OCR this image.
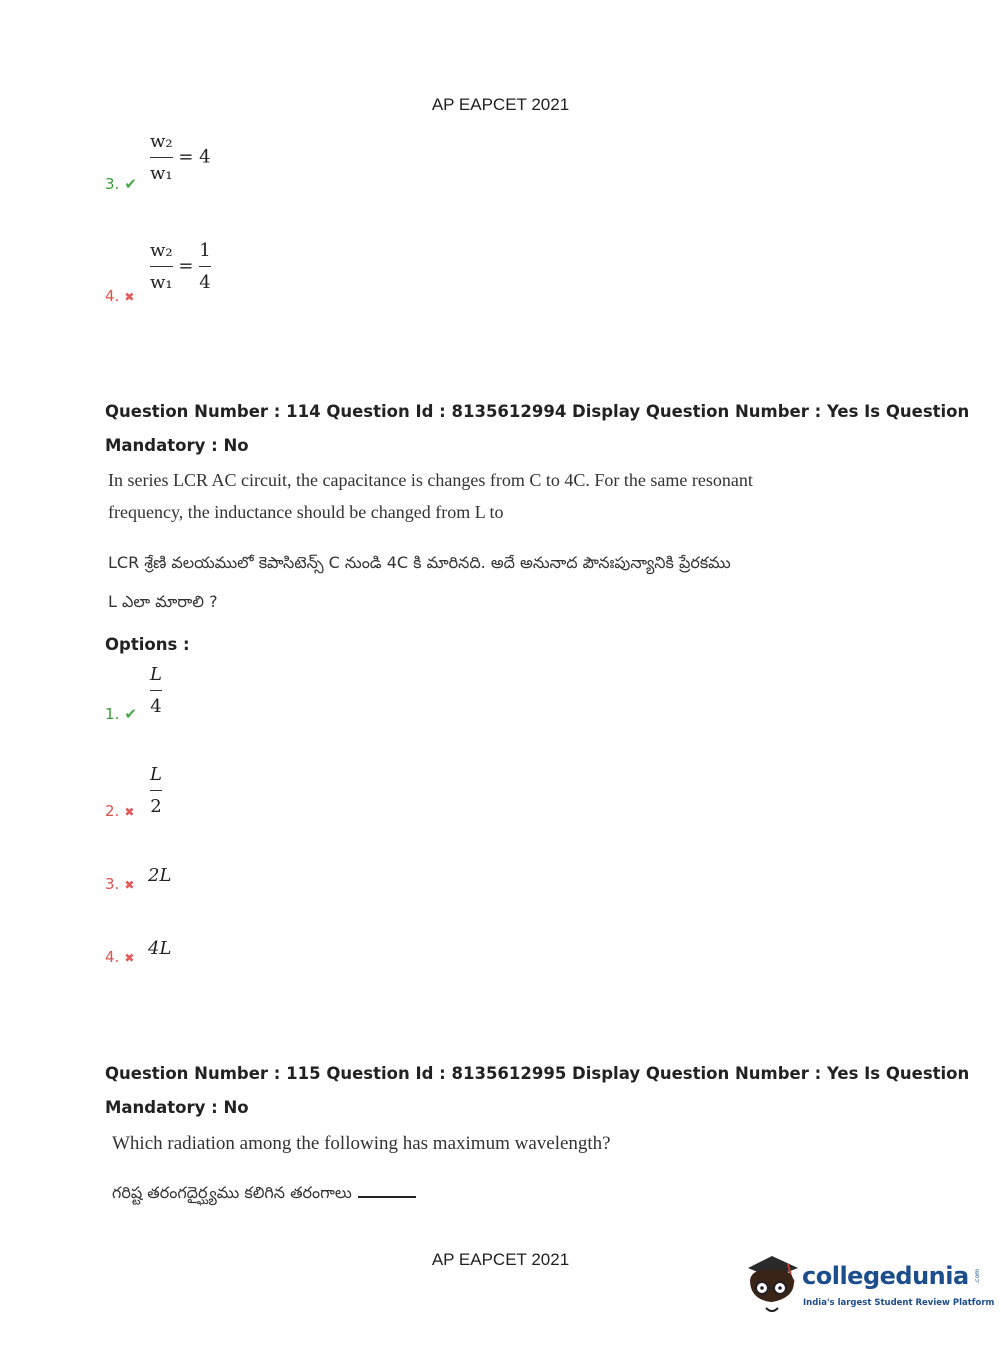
AP EAPCET 2021
3. ✔ $\frac{\text{w₂}}{\text{w₁}} = 4$
4. ✖
$\frac{\text{w₂}}{\text{w₁}} = \frac{1}{4}$
Question Number : 114 Question Id : 8135612994 Display Question Number : Yes Is Question
Mandatory : No
In series LCR AC circuit, the capacitance is changes from C to 4C. For the same resonant
frequency, the inductance should be changed from L to
LCR శ్రేణి వలయములో కెపాసిటెన్స్ C నుండి 4C కి మారినది. అదే అనునాద పౌనఃపున్యానికి ప్రేరకము
L ఎలా మారాలి ?
Options :
1. ✔ $\frac{L}{4}$
2. ✖ $\frac{L}{2}$
3. ✖ 2L
4. ✖ 4L
Question Number : 115 Question Id : 8135612995 Display Question Number : Yes Is Question
Mandatory : No
Which radiation among the following has maximum wavelength?
గరిష్ట తరంగదైర్ఘ్యము కలిగిన తరంగాలు
AP EAPCET 2021
collegedunia .com
India's largest Student Review Platform
